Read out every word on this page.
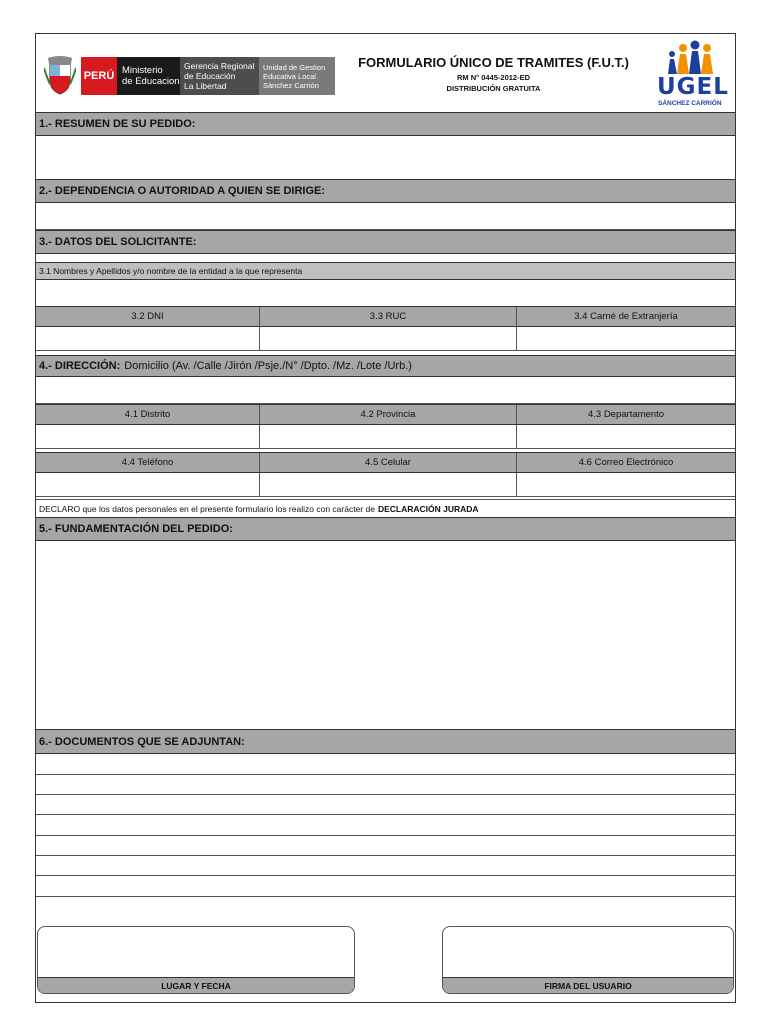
PERÚ Ministerio
de Educacion
Gerencia Regional
de Educación
La Libertad
Unidad de Gestion
Educativa Local
Sánchez Carrión
FORMULARIO ÚNICO DE TRAMITES (F.U.T.)
RM N° 0445-2012-ED
DISTRIBUCIÓN GRATUITA	UGEL
SÁNCHEZ CARRIÓN
1.- RESUMEN DE SU PEDIDO:
2.- DEPENDENCIA O AUTORIDAD A QUIEN SE DIRIGE:
3.- DATOS DEL SOLICITANTE:
3.1 Nombres y Apellidos y/o nombre de la entidad a la que representa
3.2 DNI	3.3 RUC	3.4 Carné de Extranjería
4.- DIRECCIÓN: Domicilio (Av. /Calle /Jirón /Psje./N° /Dpto. /Mz. /Lote /Urb.)
4.1 Distrito	4.2 Provincia	4.3 Departamento
4.4 Teléfono	4.5 Celular	4.6 Correo Electrónico
DECLARO que los datos personales en el presente formulario los realizo con carácter de DECLARACIÓN JURADA
5.- FUNDAMENTACIÓN DEL PEDIDO:
6.- DOCUMENTOS QUE SE ADJUNTAN:
LUGAR Y FECHA	FIRMA DEL USUARIO
